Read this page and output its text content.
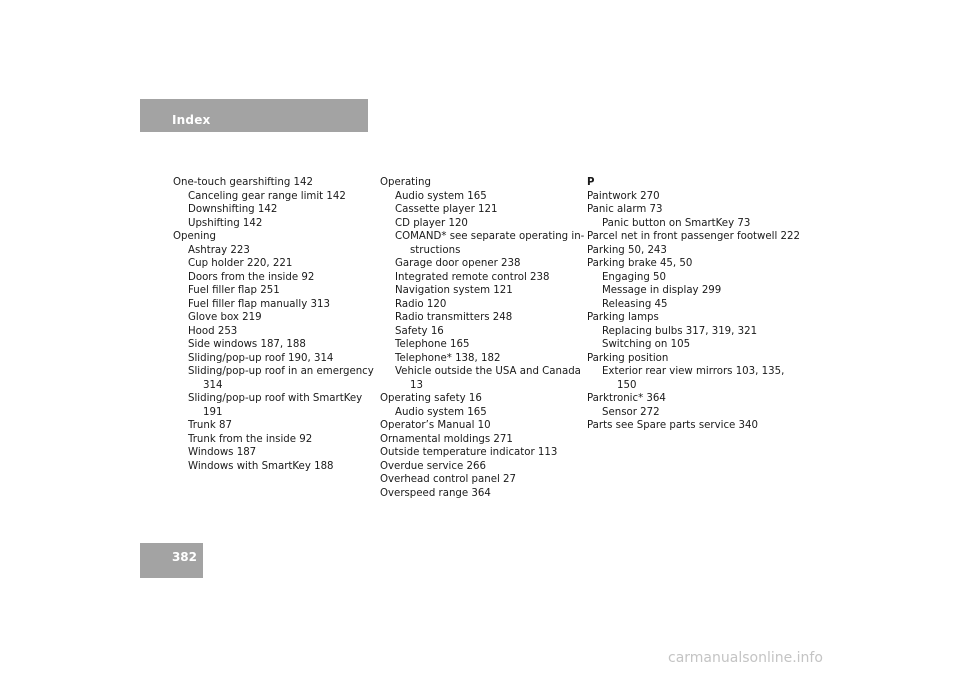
Index
One-touch gearshifting 142
Canceling gear range limit 142
Downshifting 142
Upshifting 142
Opening
Ashtray 223
Cup holder 220, 221
Doors from the inside 92
Fuel filler flap 251
Fuel filler flap manually 313
Glove box 219
Hood 253
Side windows 187, 188
Sliding/pop-up roof 190, 314
Sliding/pop-up roof in an emergency
314
Sliding/pop-up roof with SmartKey
191
Trunk 87
Trunk from the inside 92
Windows 187
Windows with SmartKey 188
Operating
Audio system 165
Cassette player 121
CD player 120
COMAND* see separate operating in-
structions
Garage door opener 238
Integrated remote control 238
Navigation system 121
Radio 120
Radio transmitters 248
Safety 16
Telephone 165
Telephone* 138, 182
Vehicle outside the USA and Canada
13
Operating safety 16
Audio system 165
Operator’s Manual 10
Ornamental moldings 271
Outside temperature indicator 113
Overdue service 266
Overhead control panel 27
Overspeed range 364
P
Paintwork 270
Panic alarm 73
Panic button on SmartKey 73
Parcel net in front passenger footwell 222
Parking 50, 243
Parking brake 45, 50
Engaging 50
Message in display 299
Releasing 45
Parking lamps
Replacing bulbs 317, 319, 321
Switching on 105
Parking position
Exterior rear view mirrors 103, 135,
150
Parktronic* 364
Sensor 272
Parts see Spare parts service 340
382
carmanualsonline.info
